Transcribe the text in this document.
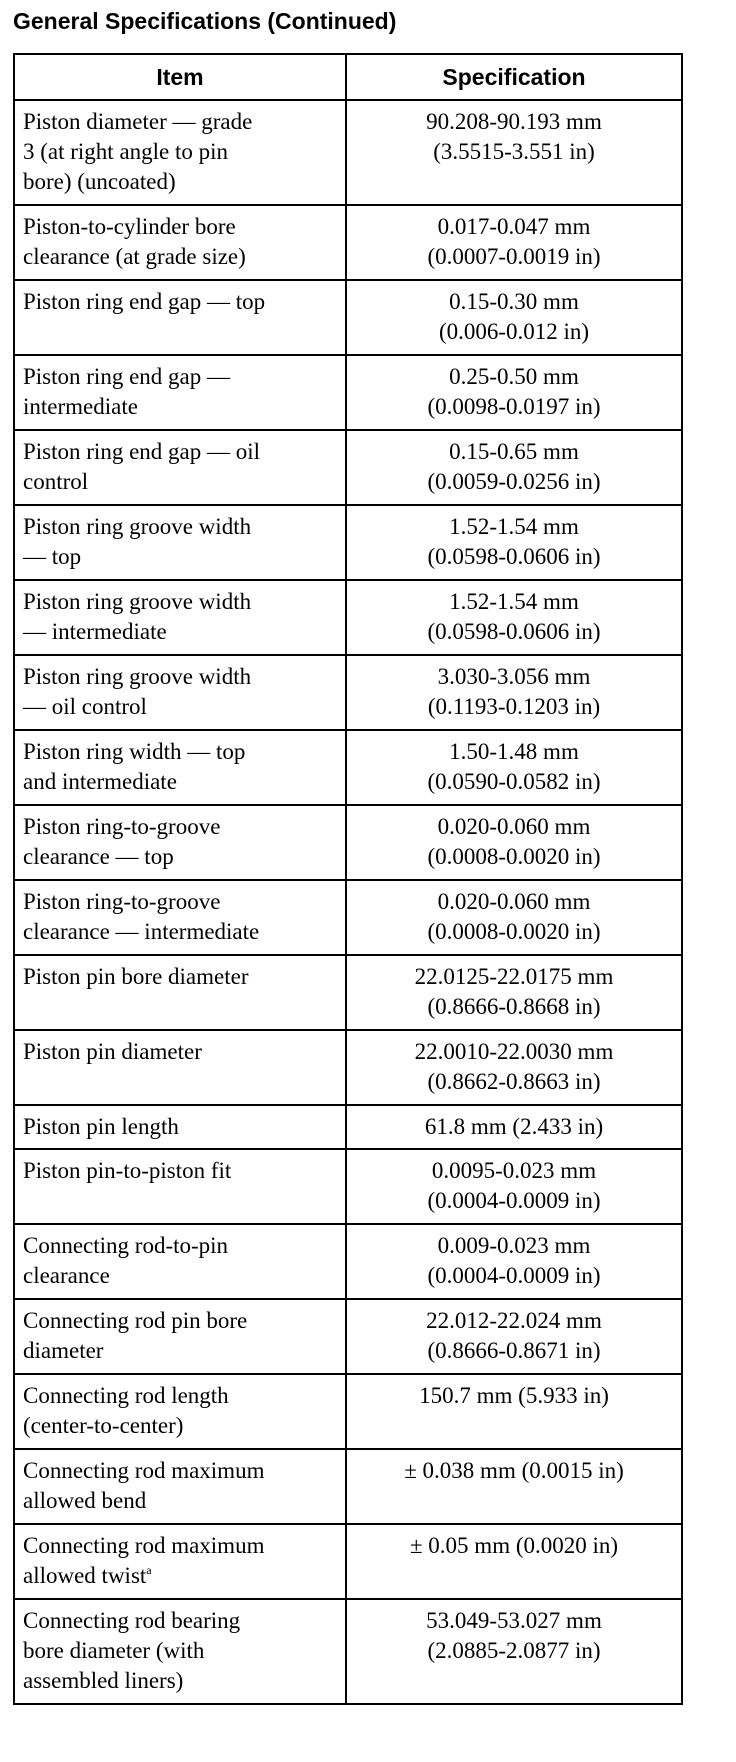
General Specifications (Continued)
Item	Specification

Piston diameter — grade
3 (at right angle to pin
bore) (uncoated)	90.208-90.193 mm
(3.5515-3.551 in)

Piston-to-cylinder bore
clearance (at grade size)	0.017-0.047 mm
(0.0007-0.0019 in)

Piston ring end gap — top	0.15-0.30 mm
(0.006-0.012 in)

Piston ring end gap —
intermediate	0.25-0.50 mm
(0.0098-0.0197 in)

Piston ring end gap — oil
control	0.15-0.65 mm
(0.0059-0.0256 in)

Piston ring groove width
— top	1.52-1.54 mm
(0.0598-0.0606 in)

Piston ring groove width
— intermediate	1.52-1.54 mm
(0.0598-0.0606 in)

Piston ring groove width
— oil control	3.030-3.056 mm
(0.1193-0.1203 in)

Piston ring width — top
and intermediate	1.50-1.48 mm
(0.0590-0.0582 in)

Piston ring-to-groove
clearance — top	0.020-0.060 mm
(0.0008-0.0020 in)

Piston ring-to-groove
clearance — intermediate	0.020-0.060 mm
(0.0008-0.0020 in)

Piston pin bore diameter	22.0125-22.0175 mm
(0.8666-0.8668 in)

Piston pin diameter	22.0010-22.0030 mm
(0.8662-0.8663 in)

Piston pin length	61.8 mm (2.433 in)

Piston pin-to-piston fit	0.0095-0.023 mm
(0.0004-0.0009 in)

Connecting rod-to-pin
clearance	0.009-0.023 mm
(0.0004-0.0009 in)

Connecting rod pin bore
diameter	22.012-22.024 mm
(0.8666-0.8671 in)

Connecting rod length
(center-to-center)	150.7 mm (5.933 in)

Connecting rod maximum
allowed bend	± 0.038 mm (0.0015 in)

Connecting rod maximum
allowed twist$^a$	± 0.05 mm (0.0020 in)

Connecting rod bearing
bore diameter (with
assembled liners)	53.049-53.027 mm
(2.0885-2.0877 in)
